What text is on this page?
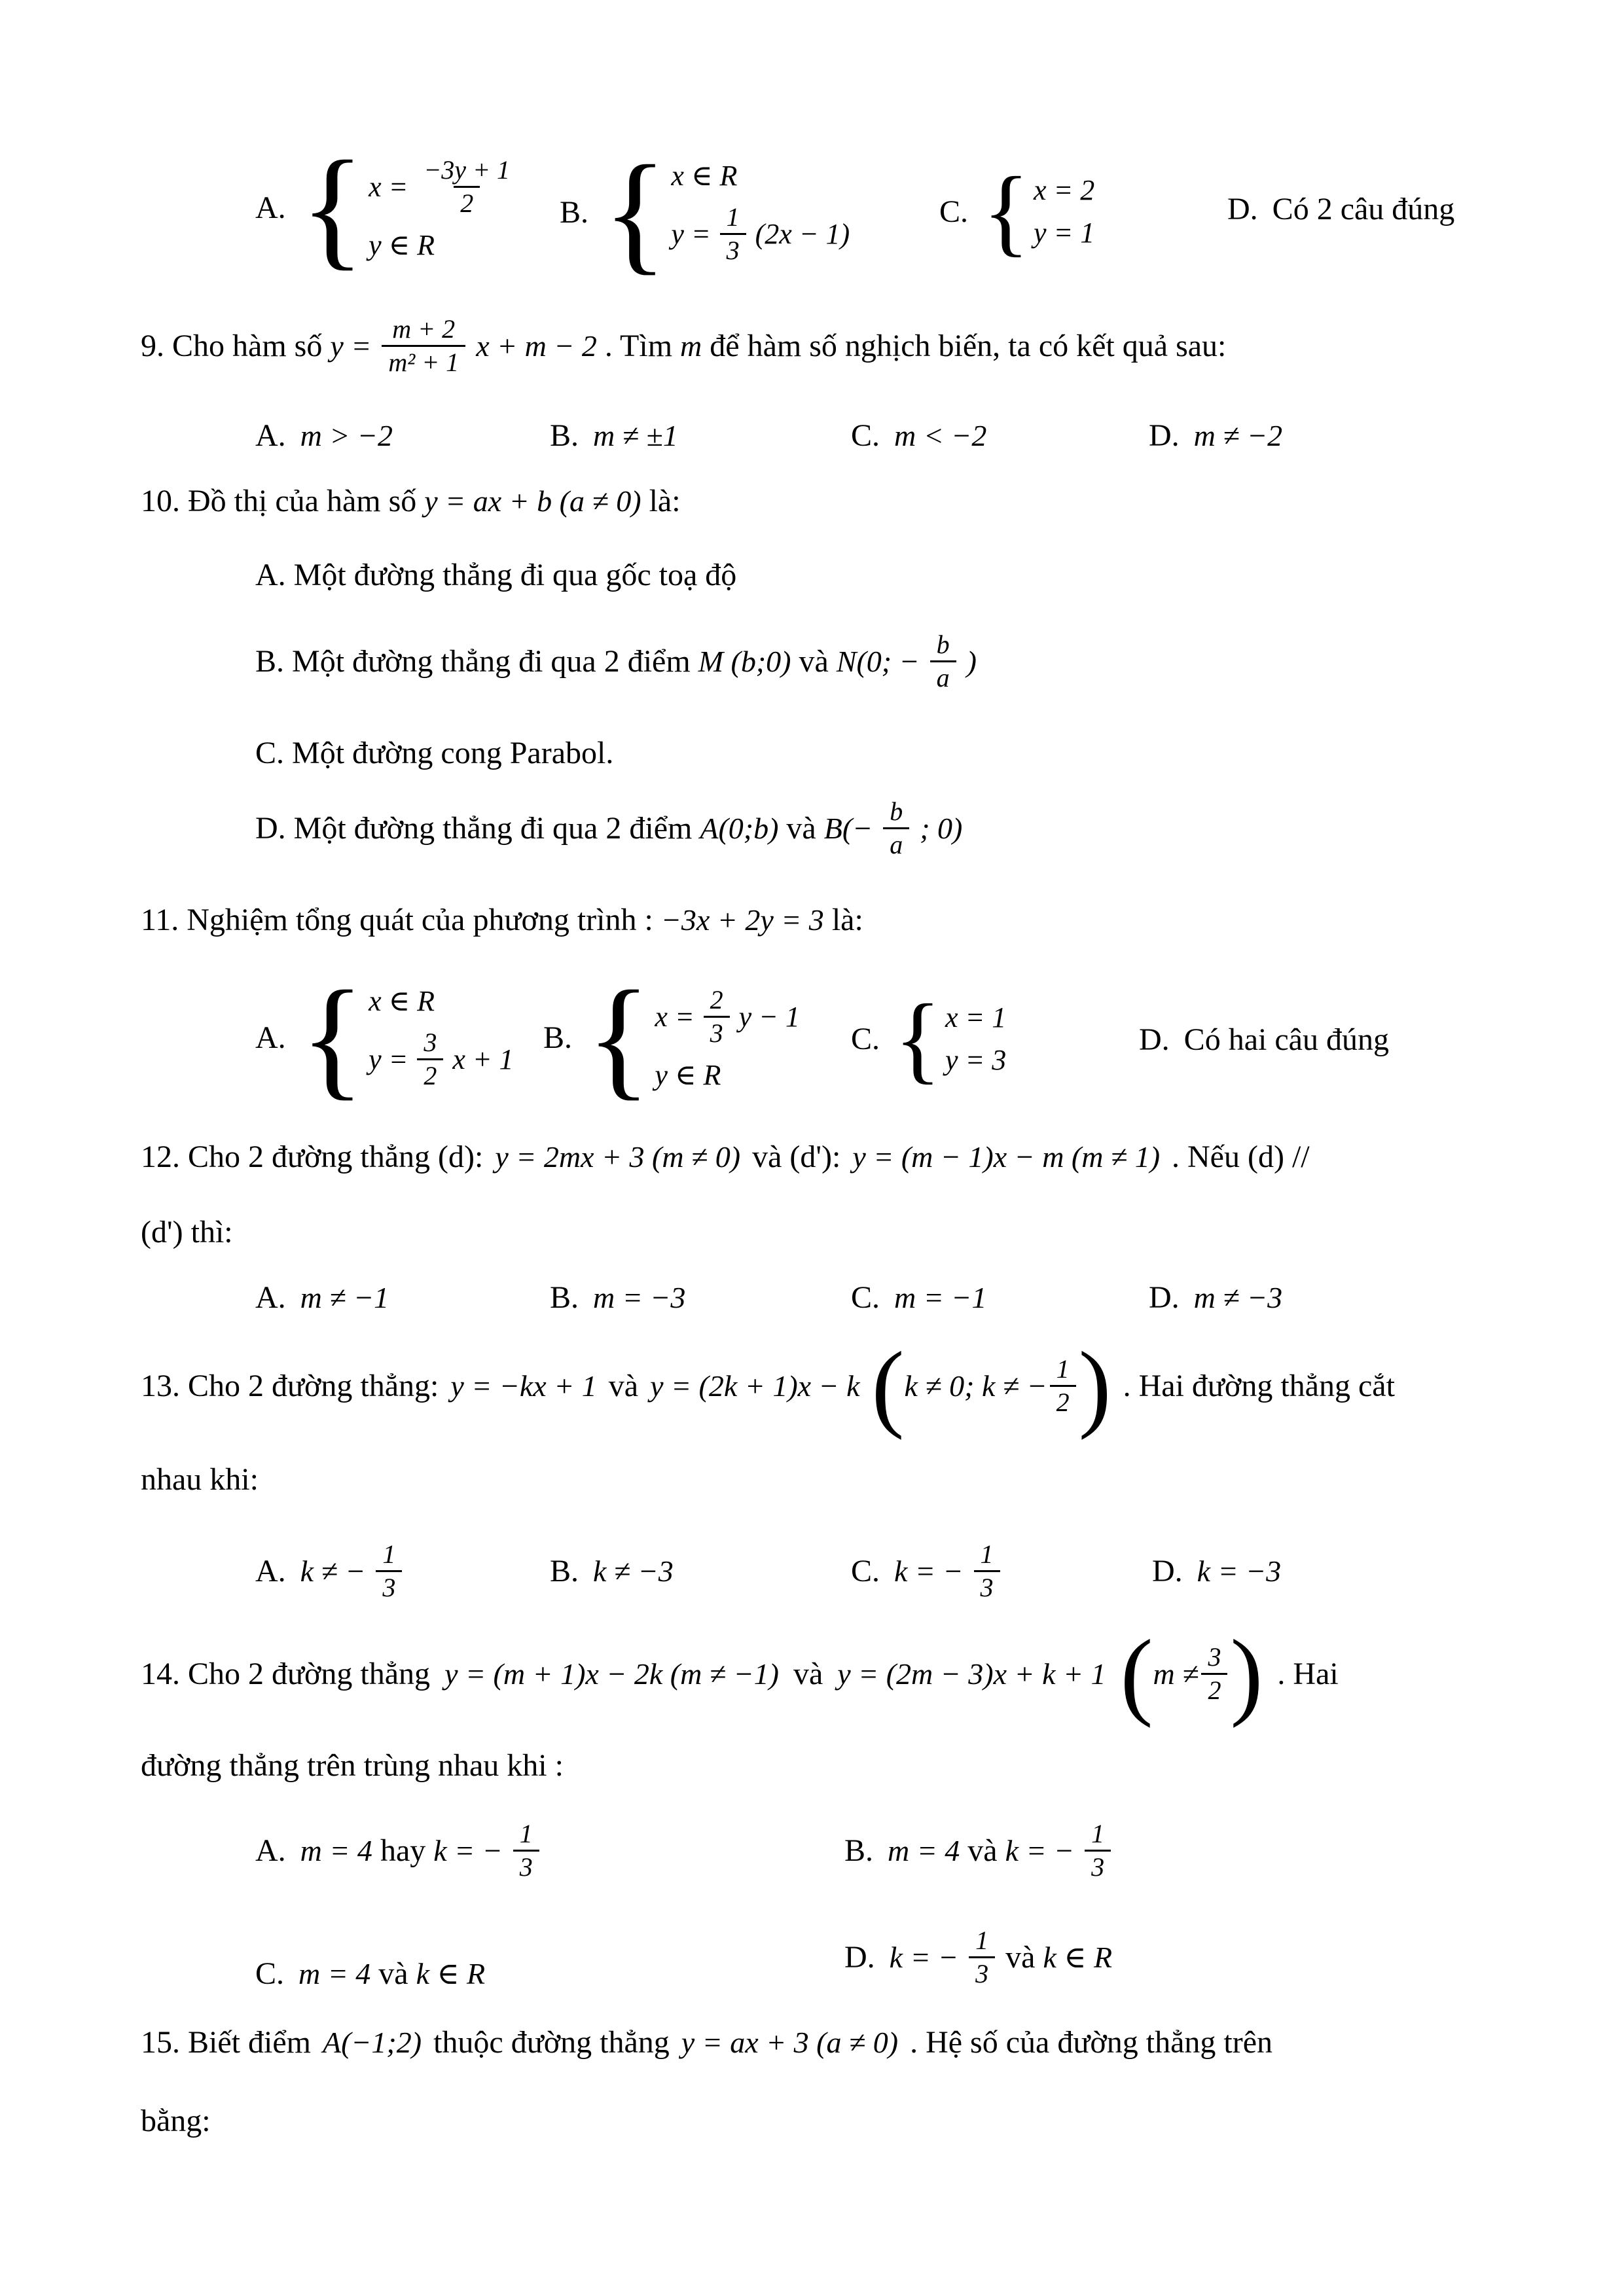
A. { $x = \frac{-3y + 1}{2}$
y ∈ R
B. { x ∈ R
$y = \frac{1}{3} (2x - 1)$
C. { x = 2
y = 1
D. Có 2 câu đúng
9. Cho hàm số $y = \frac{m + 2}{\text{m² + 1}}$ x + m − 2 . Tìm m để hàm số nghịch biến, ta có kết quả sau:
A. m > −2	B. m ≠ ±1	C. m < −2	D. m ≠ −2
10. Đồ thị của hàm số y = ax + b (a ≠ 0) là:
A. Một đường thẳng đi qua gốc toạ độ
B. Một đường thẳng đi qua 2 điểm M (b;0) và N(0; − $\frac{b}{a}$ )
C. Một đường cong Parabol.
D. Một đường thẳng đi qua 2 điểm A(0;b) và $B(- \frac{b}{a}$ ; 0)
11. Nghiệm tổng quát của phương trình : −3x + 2y = 3 là:
A. { x ∈ R
$y = \frac{3}{2}$ x + 1
B. { $x = \frac{2}{3}$ y − 1
y ∈ R
C. { x = 1
y = 3
D. Có hai câu đúng
12. Cho 2 đường thẳng (d): y = 2mx + 3 (m ≠ 0) và (d'): y = (m − 1)x − m (m ≠ 1) . Nếu (d) //
(d') thì:
A. m ≠ −1	B. m = −3	C. m = −1	D. m ≠ −3
13. Cho 2 đường thẳng: y = −kx + 1 và y = (2k + 1)x − k ( k ≠ 0; k ≠ − $\frac{1}{2}$ ) . Hai đường thẳng cắt
nhau khi:
A. k ≠ − $\frac{1}{3}$	B. k ≠ −3	C. k = − $\frac{1}{3}$	D. k = −3
14. Cho 2 đường thẳng y = (m + 1)x − 2k (m ≠ −1) và y = (2m − 3)x + k + 1 ( $m \ne \frac{3}{2}$ ) . Hai
đường thẳng trên trùng nhau khi :
A. m = 4 hay k = − $\frac{1}{3}$	B. m = 4 và k = − $\frac{1}{3}$
C. m = 4 và k ∈ R	D. k = − $\frac{1}{3}$ và k ∈ R
15. Biết điểm A(−1;2) thuộc đường thẳng y = ax + 3 (a ≠ 0) . Hệ số của đường thẳng trên
bằng:
